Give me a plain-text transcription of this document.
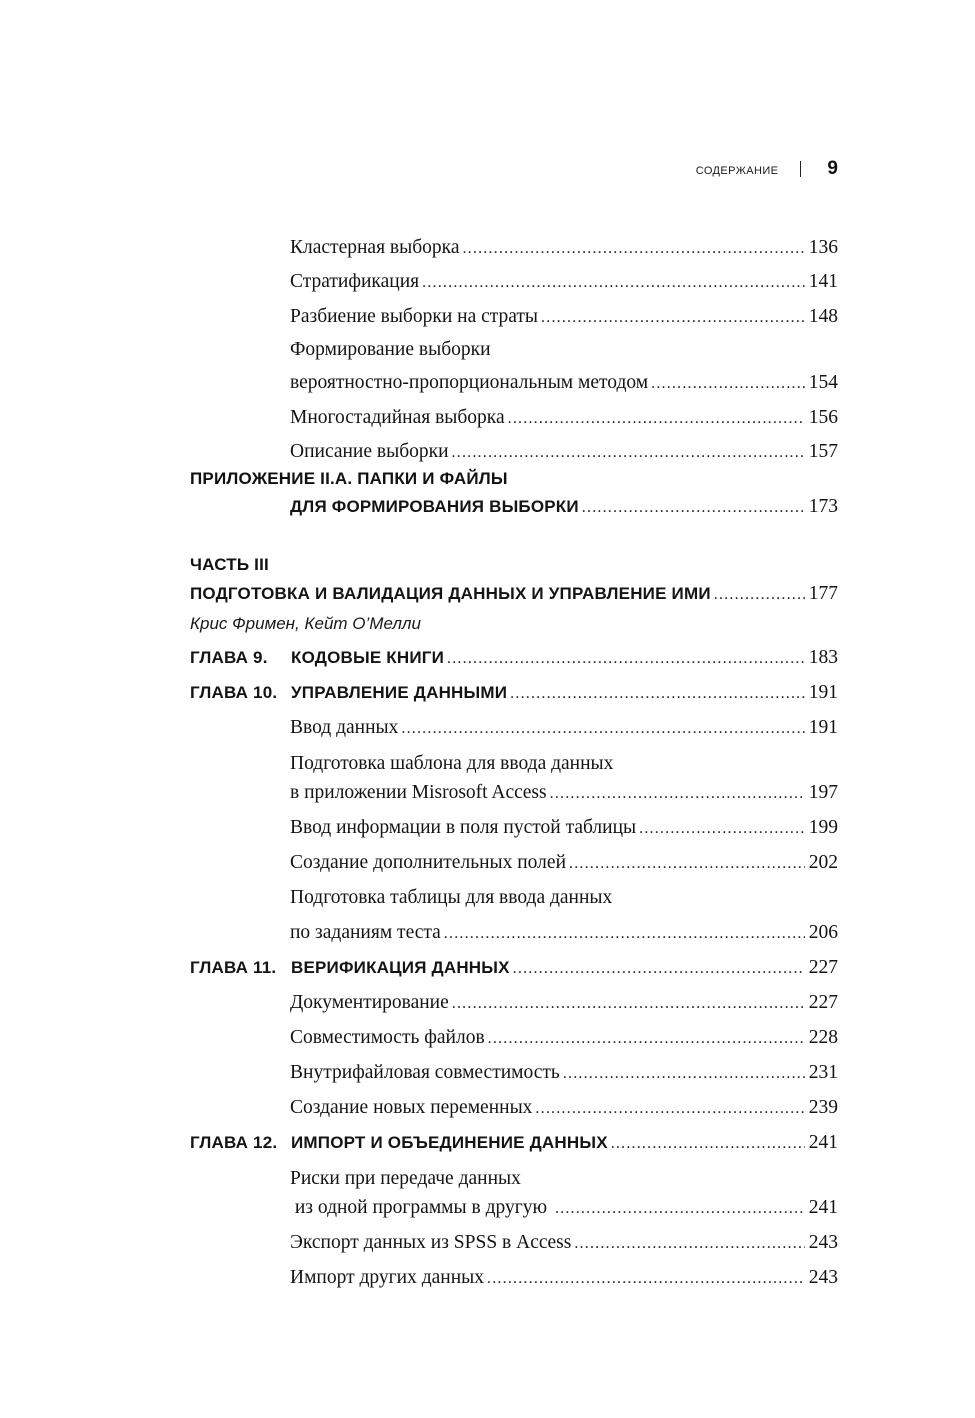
СОДЕРЖАНИЕ	9
Кластерная выборка .....	136
Стратификация .....	141
Разбиение выборки на страты .....	148
Формирование выборки
вероятностно-пропорциональным методом .....	154
Многостадийная выборка .....	156
Описание выборки .....	157
ПРИЛОЖЕНИЕ II.A. ПАПКИ И ФАЙЛЫ
ДЛЯ ФОРМИРОВАНИЯ ВЫБОРКИ .....	173
ЧАСТЬ III
ПОДГОТОВКА И ВАЛИДАЦИЯ ДАННЫХ И УПРАВЛЕНИЕ ИМИ .....	177
Крис Фримен, Кейт О’Мелли
ГЛАВА 9. КОДОВЫЕ КНИГИ .....	183
ГЛАВА 10. УПРАВЛЕНИЕ ДАННЫМИ .....	191
Ввод данных .....	191
Подготовка шаблона для ввода данных
в приложении Misrosoft Access .....	197
Ввод информации в поля пустой таблицы .....	199
Создание дополнительных полей .....	202
Подготовка таблицы для ввода данных
по заданиям теста .....	206
ГЛАВА 11. ВЕРИФИКАЦИЯ ДАННЫХ .....	227
Документирование .....	227
Совместимость файлов .....	228
Внутрифайловая совместимость .....	231
Создание новых переменных .....	239
ГЛАВА 12. ИМПОРТ И ОБЪЕДИНЕНИЕ ДАННЫХ .....	241
Риски при передаче данных
из одной программы в другую .....	241
Экспорт данных из SPSS в Access .....	243
Импорт других данных .....	243
